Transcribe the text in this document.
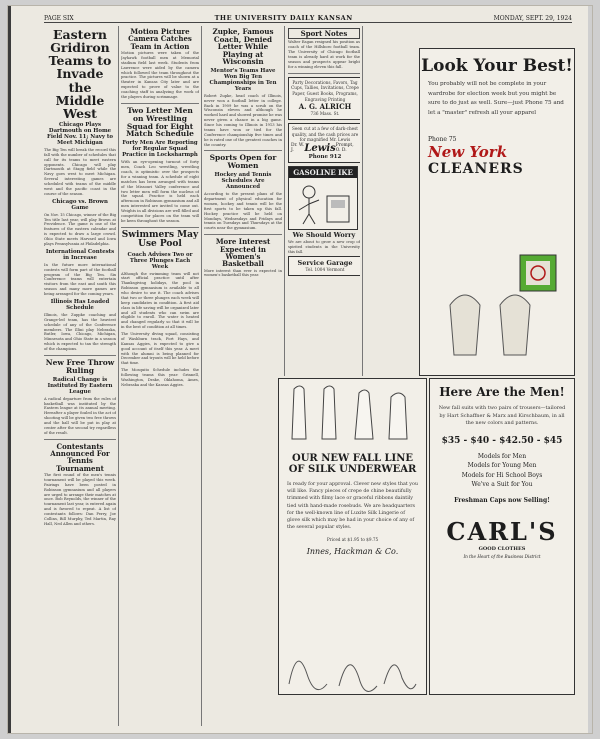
PAGE SIX	THE UNIVERSITY DAILY KANSAN	MONDAY, SEPT. 29, 1924
Eastern Gridiron Teams to Invade the Middle West
Chicago Plays Dartmouth on Home Field Nov. 11; Navy to Meet Michigan

The Big Ten will break the record this fall with the number of schedules that call for its teams to meet eastern opponents. Chicago will play Dartmouth at Stagg field while the Navy goes west to meet Michigan. Several interesting games are scheduled with teams of the middle west and the pacific coast in the course of the season.

Chicago vs. Brown Game

On Nov. 15 Chicago, winner of the Big Ten title last year, will play Brown at Providence. The game is one of the features of the eastern calendar and is expected to draw a large crowd. Ohio State meets Harvard and Iowa plays Pennsylvania at Philadelphia.

International Contests in Increase

In the future more international contests will form part of the football program of the Big Ten. Six Conference teams will entertain visitors from the east and south this season and many more games are being arranged for the coming years.

Illinois Has Loaded Schedule

Illinois, the Zuppke coaching and Grange-led team, has the heaviest schedule of any of the Conference members. The Illini play Nebraska, Butler, Iowa, Chicago, Michigan, Minnesota and Ohio State in a season which is expected to tax the strength of the champions.

New Free Throw Ruling
Radical Change is Instituted By Eastern League

A radical departure from the rules of basketball was instituted by the Eastern league at its annual meeting. Hereafter a player fouled in the act of shooting will be given two free throws and the ball will be put in play at center after the second try regardless of the result.

Contestants Announced For Tennis Tournament

The first round of the men's tennis tournament will be played this week. Pairings have been posted in Robinson gymnasium and all players are urged to arrange their matches at once. Bob Reynolds, the winner of the tournament last year, is entered again and is favored to repeat. A list of contestants follows: Dan Perry, Joe Collins, Bill Murphy, Ted Martin, Ray Hall, Ned Allen and others.

Motion Picture Camera Catches Team in Action

Motion pictures were taken of the Jayhawk football men at Memorial stadium field last week. Students from Lawrence were aided by the camera which followed the team throughout the practice. The pictures will be shown at a theater in Kansas City later and are expected to prove of value to the coaching staff in analyzing the work of the players during scrimmage.

Two Letter Men on Wrestling Squad for Eight Match Schedule
Forty Men Are Reporting for Regular Squad Practice in Locksharmph

With an eye-opening turnout of forty men, Coach Leo wrestling, wrestling coach, is optimistic over the prospects for a winning team. A schedule of eight matches has been arranged with teams of the Missouri Valley conference and two letter men will form the nucleus of the squad. Practice is held each afternoon in Robinson gymnasium and all men interested are invited to come out. Weights in all divisions are well filled and competition for places on the team will be keen throughout the season.

Swimmers May Use Pool
Coach Advises Two or Three Plunges Each Week

Although the swimming team will not start official practice until after Thanksgiving holidays, the pool in Robinson gymnasium is available to all who desire to use it. The coach advises that two or three plunges each week will keep candidates in condition. A first aid class in life saving will be organized later and all students who can swim are eligible to enroll. The water is heated and changed regularly so that it will be in the best of condition at all times.

The University diving squad, consisting of Washburn track, Fort Hays, and Kansas Aggies, is expected to give a good account of itself this year. A meet with the alumni is being planned for December and tryouts will be held before that time.

The Mosquito Schedule includes the following teams this year: Grinnell, Washington, Drake, Oklahoma, Ames, Nebraska and the Kansas Aggies.

Zupke, Famous Coach, Denied Letter While Playing at Wisconsin
Mentor's Teams Have Won Big Ten Championships in Ten Years

Robert Zupke, head coach of Illinois, never won a football letter in college. Back in 1909 he was a scrub on the Wisconsin eleven and although he worked hard and showed promise he was never given a chance in a big game. Since his coming to Illinois in 1913 his teams have won or tied for the Conference championship five times and he is rated one of the greatest coaches in the country.

Sports Open for Women
Hockey and Tennis Schedules Are Announced

According to the present plans of the department of physical education for women, hockey and tennis will be the first sports to be taken up this fall. Hockey practice will be held on Mondays, Wednesdays and Fridays and tennis on Tuesdays and Thursdays at the courts near the gymnasium.

More Interest Expected in Women's Basketball

More interest than ever is expected in women's basketball this year.

Sport Notes

Walter Eagan resigned his position as coach of the Hillsboro football team. The University of Chicago football team is already hard at work for the season and prospects appear bright for a winning eleven this fall.

Party Decorations, Favors, Tag Cups, Tallies, Invitations, Crepe Paper, Guest Books, Programs, Engraving Printing
A. G. ALRICH
736 Mass. St.
Seen cut at a few of dark-chest quality, and the cash prices are for magnified Mr. Lewis
Dr. W. J.	Lewis Prompt, O. D.
Phone 912
GASOLINE IKE
We Should Worry

We are about to grow a new crop of spirited students in the University this fall.

Service Garage
Tel. 1004 Vermont
Look Your Best!
You probably will not be complete in your wardrobe for election week but you might be sure to do just as well. Sure—just Phone 75 and let a "master" refresh all your apparel
Phone 75
New York
CLEANERS
OUR NEW FALL LINE OF SILK UNDERWEAR
Is ready for your approval. Clever new styles that you will like. Fancy pieces of crepe de chine beautifully trimmed with filmy lace or graceful ribbons daintily tied with hand-made rosebuds. We are headquarters for the well-known line of Luxite Silk Lingerie of glove silk which may be had in your choice of any of the several popular styles.
Priced at $1.95 to $9.75
Innes, Hackman & Co.
Here Are the Men!
New fall suits with two pairs of trousers—tailored by Hart Schaffner & Marx and Kirschbaum, in all the new colors and patterns.
$35 - $40 - $42.50 - $45
Models for Men
Models for Young Men
Models for Hi School Boys
We've a Suit for You
Freshman Caps now Selling!
CARL'S
GOOD CLOTHES
In the Heart of the Business District
